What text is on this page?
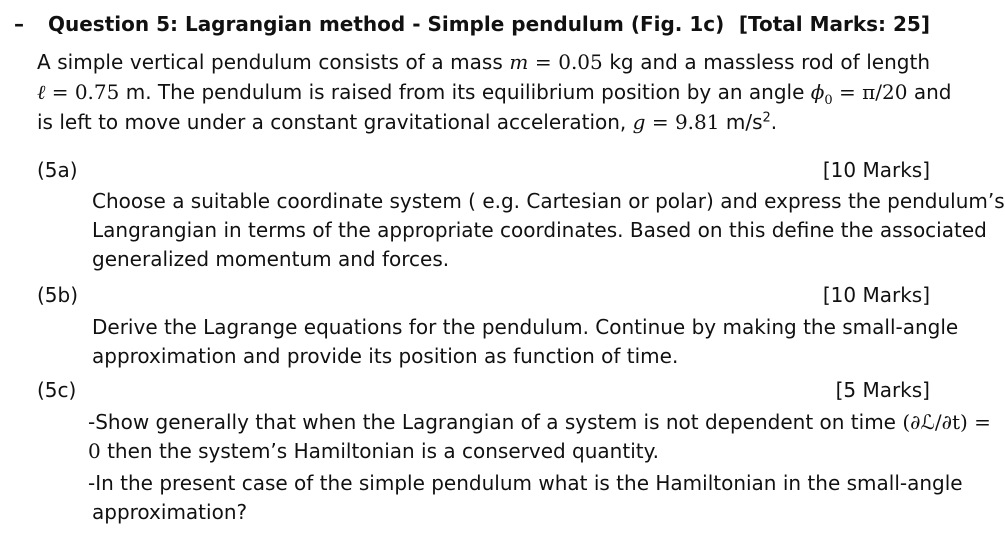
– Question 5: Lagrangian method - Simple pendulum (Fig. 1c) [Total Marks: 25]
A simple vertical pendulum consists of a mass m = 0.05 kg and a massless rod of length
ℓ = 0.75 m. The pendulum is raised from its equilibrium position by an angle $\phi_0 = \pi/20$ and
is left to move under a constant gravitational acceleration, g = 9.81 $m/s^2$.
(5a)	[10 Marks]
Choose a suitable coordinate system ( e.g. Cartesian or polar) and express the pendulum’s
Langrangian in terms of the appropriate coordinates. Based on this define the associated
generalized momentum and forces.
(5b)	[10 Marks]
Derive the Lagrange equations for the pendulum. Continue by making the small-angle
approximation and provide its position as function of time.
(5c)	[5 Marks]
-Show generally that when the Lagrangian of a system is not dependent on time (∂ℒ/∂t) =
0 then the system’s Hamiltonian is a conserved quantity.
-In the present case of the simple pendulum what is the Hamiltonian in the small-angle
approximation?
